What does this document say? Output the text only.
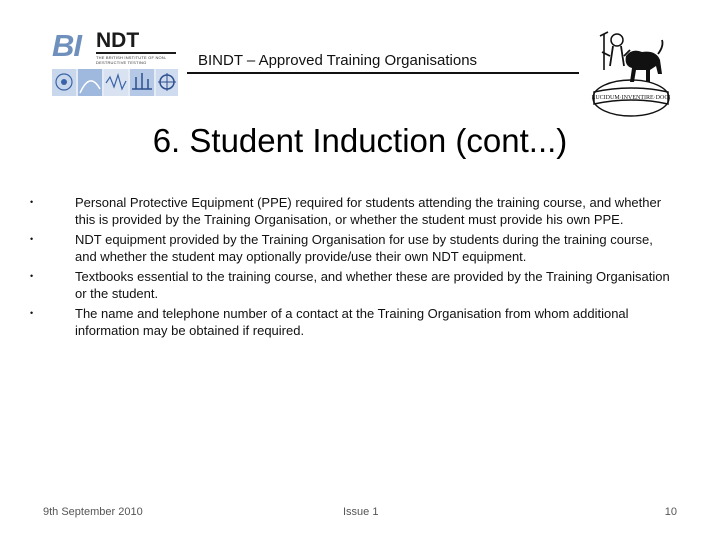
BI NDT
THE BRITISH INSTITUTE OF NON-DESTRUCTIVE TESTING	BINDT – Approved Training Organisations
LUCIDUM·INVENTIRE·DOCI
6. Student Induction (cont...)
•	Personal Protective Equipment (PPE) required for students attending the training course, and whether this is provided by the Training Organisation, or whether the student must provide his own PPE.
•	NDT equipment provided by the Training Organisation for use by students during the training course, and whether the student may optionally provide/use their own NDT equipment.
•	Textbooks essential to the training course, and whether these are provided by the Training Organisation or the student.
•	The name and telephone number of a contact at the Training Organisation from whom additional information may be obtained if required.
9th September 2010	Issue 1	10
